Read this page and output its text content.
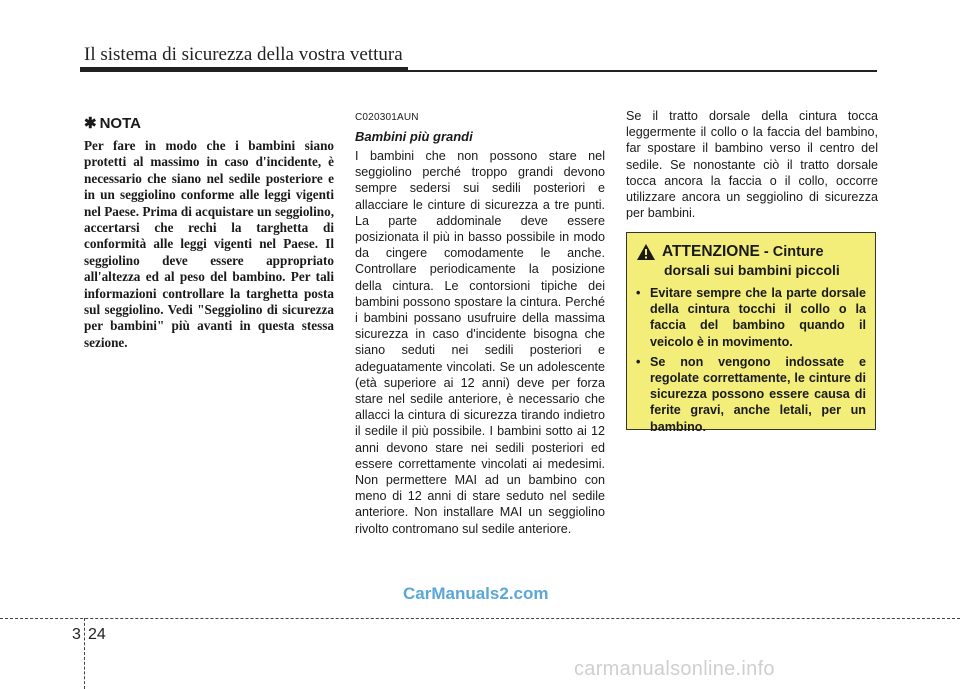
Il sistema di sicurezza della vostra vettura
✱ NOTA

Per fare in modo che i bambini siano protetti al massimo in caso d'incidente, è necessario che siano nel sedile posteriore e in un seggiolino conforme alle leggi vigenti nel Paese. Prima di acquistare un seggiolino, accertarsi che rechi la targhetta di conformità alle leggi vigenti nel Paese. Il seggiolino deve essere appropriato all'altezza ed al peso del bambino. Per tali informazioni controllare la targhetta posta sul seggiolino. Vedi "Seggiolino di sicurezza per bambini" più avanti in questa stessa sezione.

C020301AUN
Bambini più grandi

I bambini che non possono stare nel seggiolino perché troppo grandi devono sempre sedersi sui sedili posteriori e allacciare le cinture di sicurezza a tre punti. La parte addominale deve essere posizionata il più in basso possibile in modo da cingere comodamente le anche. Controllare periodicamente la posizione della cintura. Le contorsioni tipiche dei bambini possono spostare la cintura. Perché i bambini possano usufruire della massima sicurezza in caso d'incidente bisogna che siano seduti nei sedili posteriori e adeguatamente vincolati. Se un adolescente (età superiore ai 12 anni) deve per forza stare nel sedile anteriore, è necessario che allacci la cintura di sicurezza tirando indietro il sedile il più possibile. I bambini sotto ai 12 anni devono stare nei sedili posteriori ed essere correttamente vincolati ai medesimi. Non permettere MAI ad un bambino con meno di 12 anni di stare seduto nel sedile anteriore. Non installare MAI un seggiolino rivolto contromano sul sedile anteriore.

Se il tratto dorsale della cintura tocca leggermente il collo o la faccia del bambino, far spostare il bambino verso il centro del sedile. Se nonostante ciò il tratto dorsale tocca ancora la faccia o il collo, occorre utilizzare ancora un seggiolino di sicurezza per bambini.

ATTENZIONE - Cinture
dorsali sui bambini piccoli
• Evitare sempre che la parte dorsale della cintura tocchi il collo o la faccia del bambino quando il veicolo è in movimento.
• Se non vengono indossate e regolate correttamente, le cinture di sicurezza possono essere causa di ferite gravi, anche letali, per un bambino.
CarManuals2.com
3 24
carmanualsonline.info
